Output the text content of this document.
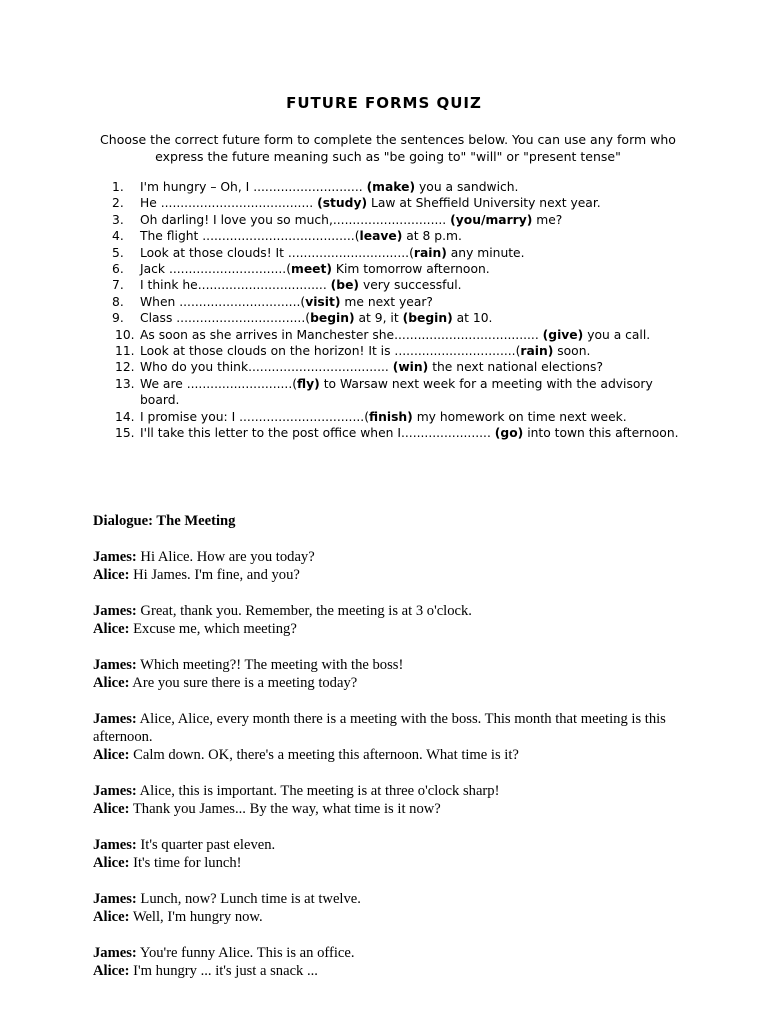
FUTURE FORMS QUIZ
Choose the correct future form to complete the sentences below. You can use any form who express the future meaning such as "be going to" "will" or "present tense"
1.	I'm hungry – Oh, I ............................ (make) you a sandwich.
2.	He ....................................... (study) Law at Sheffield University next year.
3.	Oh darling! I love you so much,............................. (you/marry) me?
4.	The flight .......................................(leave) at 8 p.m.
5.	Look at those clouds! It ...............................(rain) any minute.
6.	Jack ..............................(meet) Kim tomorrow afternoon.
7.	I think he................................. (be) very successful.
8.	When ...............................(visit) me next year?
9.	Class .................................(begin) at 9, it (begin) at 10.
10. As soon as she arrives in Manchester she..................................... (give) you a call.
11. Look at those clouds on the horizon! It is ...............................(rain) soon.
12. Who do you think.................................... (win) the next national elections?
13. We are ...........................(fly) to Warsaw next week for a meeting with the advisory board.
14. I promise you: I ................................(finish) my homework on time next week.
15. I'll take this letter to the post office when I....................... (go) into town this afternoon.
Dialogue: The Meeting
James: Hi Alice. How are you today?
Alice: Hi James. I'm fine, and you?
James: Great, thank you. Remember, the meeting is at 3 o'clock.
Alice: Excuse me, which meeting?
James: Which meeting?! The meeting with the boss!
Alice: Are you sure there is a meeting today?
James: Alice, Alice, every month there is a meeting with the boss. This month that meeting is this afternoon.
Alice: Calm down. OK, there's a meeting this afternoon. What time is it?
James: Alice, this is important. The meeting is at three o'clock sharp!
Alice: Thank you James... By the way, what time is it now?
James: It's quarter past eleven.
Alice: It's time for lunch!
James: Lunch, now? Lunch time is at twelve.
Alice: Well, I'm hungry now.
James: You're funny Alice. This is an office.
Alice: I'm hungry ... it's just a snack ...
